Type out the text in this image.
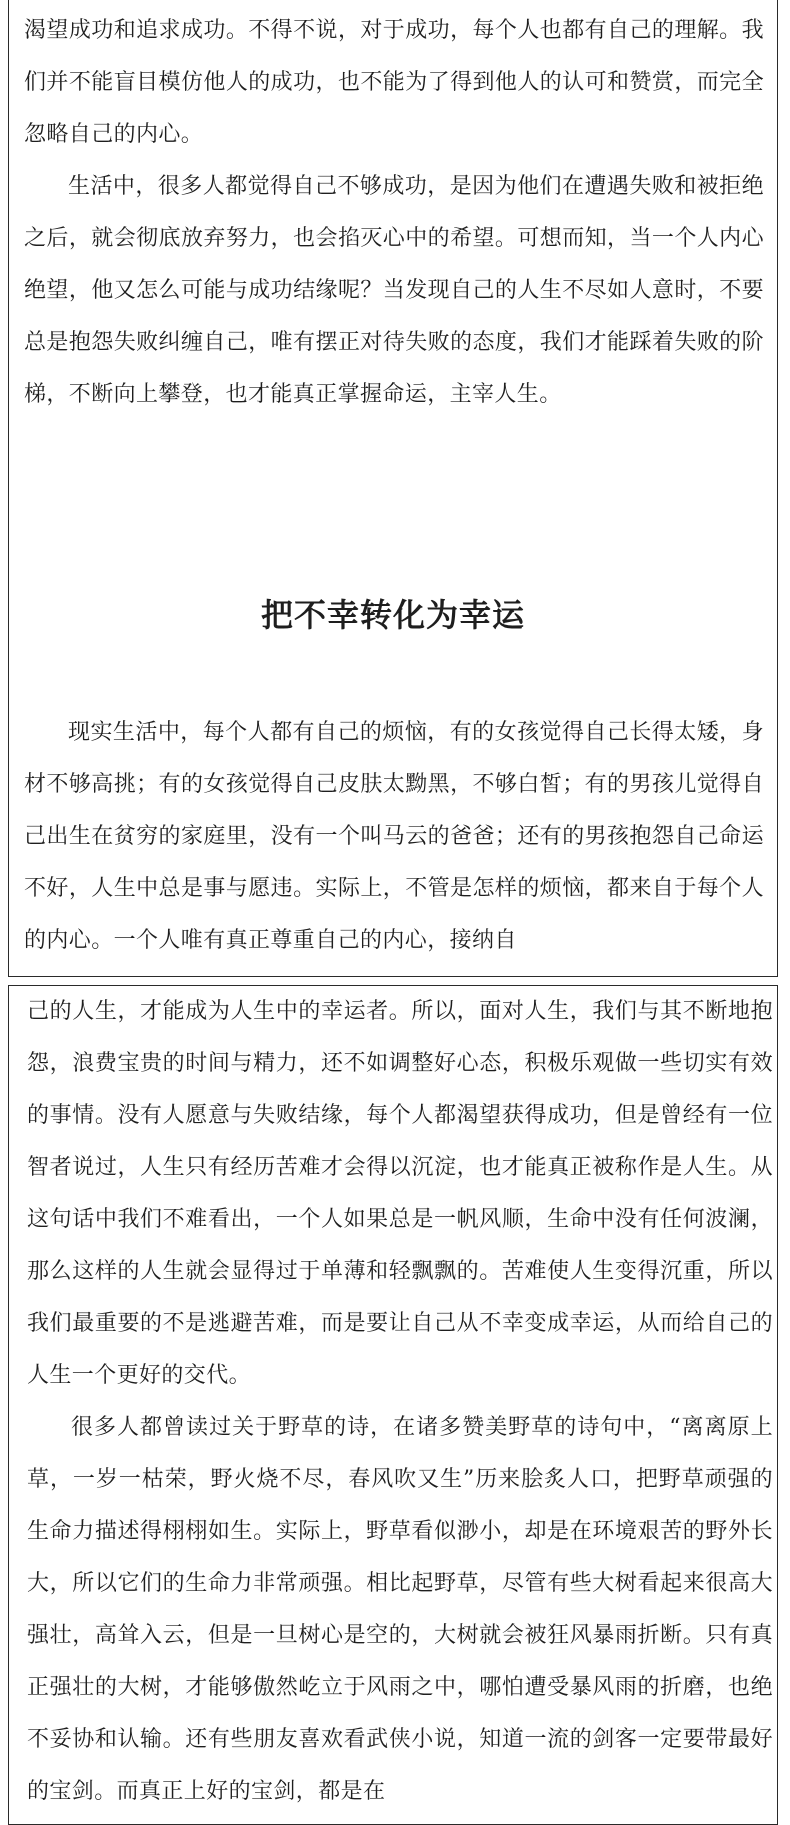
渴望成功和追求成功。不得不说，对于成功，每个人也都有自己的理解。我们并不能盲目模仿他人的成功，也不能为了得到他人的认可和赞赏，而完全忽略自己的内心。

生活中，很多人都觉得自己不够成功，是因为他们在遭遇失败和被拒绝之后，就会彻底放弃努力，也会掐灭心中的希望。可想而知，当一个人内心绝望，他又怎么可能与成功结缘呢？当发现自己的人生不尽如人意时，不要总是抱怨失败纠缠自己，唯有摆正对待失败的态度，我们才能踩着失败的阶梯，不断向上攀登，也才能真正掌握命运，主宰人生。

把不幸转化为幸运

现实生活中，每个人都有自己的烦恼，有的女孩觉得自己长得太矮，身材不够高挑；有的女孩觉得自己皮肤太黝黑，不够白皙；有的男孩儿觉得自己出生在贫穷的家庭里，没有一个叫马云的爸爸；还有的男孩抱怨自己命运不好，人生中总是事与愿违。实际上，不管是怎样的烦恼，都来自于每个人的内心。一个人唯有真正尊重自己的内心，接纳自

己的人生，才能成为人生中的幸运者。所以，面对人生，我们与其不断地抱怨，浪费宝贵的时间与精力，还不如调整好心态，积极乐观做一些切实有效的事情。没有人愿意与失败结缘，每个人都渴望获得成功，但是曾经有一位智者说过，人生只有经历苦难才会得以沉淀，也才能真正被称作是人生。从这句话中我们不难看出，一个人如果总是一帆风顺，生命中没有任何波澜，那么这样的人生就会显得过于单薄和轻飘飘的。苦难使人生变得沉重，所以我们最重要的不是逃避苦难，而是要让自己从不幸变成幸运，从而给自己的人生一个更好的交代。

很多人都曾读过关于野草的诗，在诸多赞美野草的诗句中，“离离原上草，一岁一枯荣，野火烧不尽，春风吹又生”历来脍炙人口，把野草顽强的生命力描述得栩栩如生。实际上，野草看似渺小，却是在环境艰苦的野外长大，所以它们的生命力非常顽强。相比起野草，尽管有些大树看起来很高大强壮，高耸入云，但是一旦树心是空的，大树就会被狂风暴雨折断。只有真正强壮的大树，才能够傲然屹立于风雨之中，哪怕遭受暴风雨的折磨，也绝不妥协和认输。还有些朋友喜欢看武侠小说，知道一流的剑客一定要带最好的宝剑。而真正上好的宝剑，都是在
